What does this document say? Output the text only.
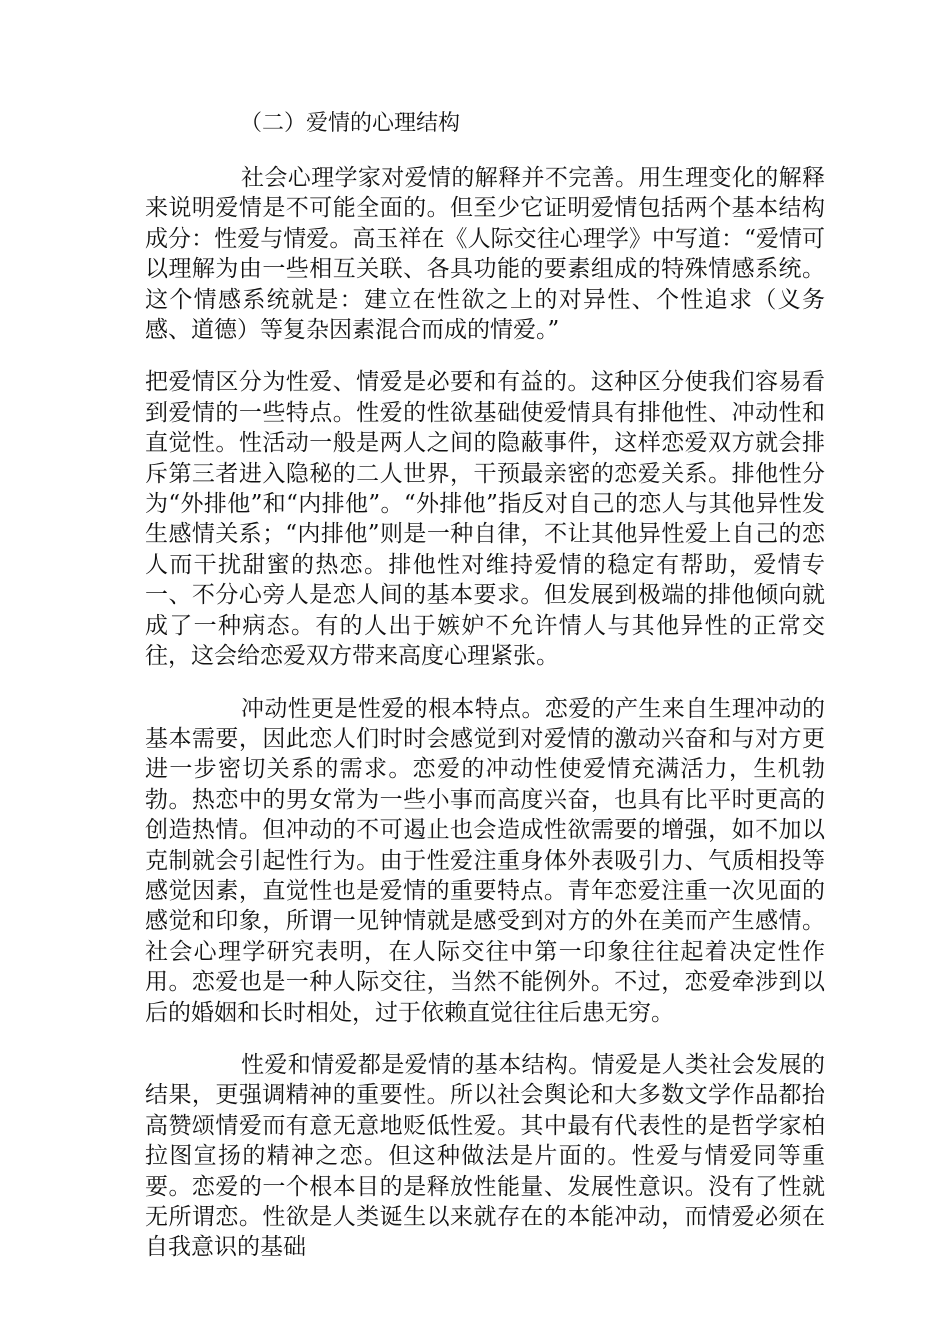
（二）爱情的心理结构

社会心理学家对爱情的解释并不完善。用生理变化的解释来说明爱情是不可能全面的。但至少它证明爱情包括两个基本结构成分：性爱与情爱。高玉祥在《人际交往心理学》中写道：“爱情可以理解为由一些相互关联、各具功能的要素组成的特殊情感系统。这个情感系统就是：建立在性欲之上的对异性、个性追求（义务感、道德）等复杂因素混合而成的情爱。”

把爱情区分为性爱、情爱是必要和有益的。这种区分使我们容易看到爱情的一些特点。性爱的性欲基础使爱情具有排他性、冲动性和直觉性。性活动一般是两人之间的隐蔽事件，这样恋爱双方就会排斥第三者进入隐秘的二人世界，干预最亲密的恋爱关系。排他性分为“外排他”和“内排他”。“外排他”指反对自己的恋人与其他异性发生感情关系；“内排他”则是一种自律，不让其他异性爱上自己的恋人而干扰甜蜜的热恋。排他性对维持爱情的稳定有帮助，爱情专一、不分心旁人是恋人间的基本要求。但发展到极端的排他倾向就成了一种病态。有的人出于嫉妒不允许情人与其他异性的正常交往，这会给恋爱双方带来高度心理紧张。

冲动性更是性爱的根本特点。恋爱的产生来自生理冲动的基本需要，因此恋人们时时会感觉到对爱情的激动兴奋和与对方更进一步密切关系的需求。恋爱的冲动性使爱情充满活力，生机勃勃。热恋中的男女常为一些小事而高度兴奋，也具有比平时更高的创造热情。但冲动的不可遏止也会造成性欲需要的增强，如不加以克制就会引起性行为。由于性爱注重身体外表吸引力、气质相投等感觉因素，直觉性也是爱情的重要特点。青年恋爱注重一次见面的感觉和印象，所谓一见钟情就是感受到对方的外在美而产生感情。社会心理学研究表明，在人际交往中第一印象往往起着决定性作用。恋爱也是一种人际交往，当然不能例外。不过，恋爱牵涉到以后的婚姻和长时相处，过于依赖直觉往往后患无穷。

性爱和情爱都是爱情的基本结构。情爱是人类社会发展的结果，更强调精神的重要性。所以社会舆论和大多数文学作品都抬高赞颂情爱而有意无意地贬低性爱。其中最有代表性的是哲学家柏拉图宣扬的精神之恋。但这种做法是片面的。性爱与情爱同等重要。恋爱的一个根本目的是释放性能量、发展性意识。没有了性就无所谓恋。性欲是人类诞生以来就存在的本能冲动，而情爱必须在自我意识的基础
